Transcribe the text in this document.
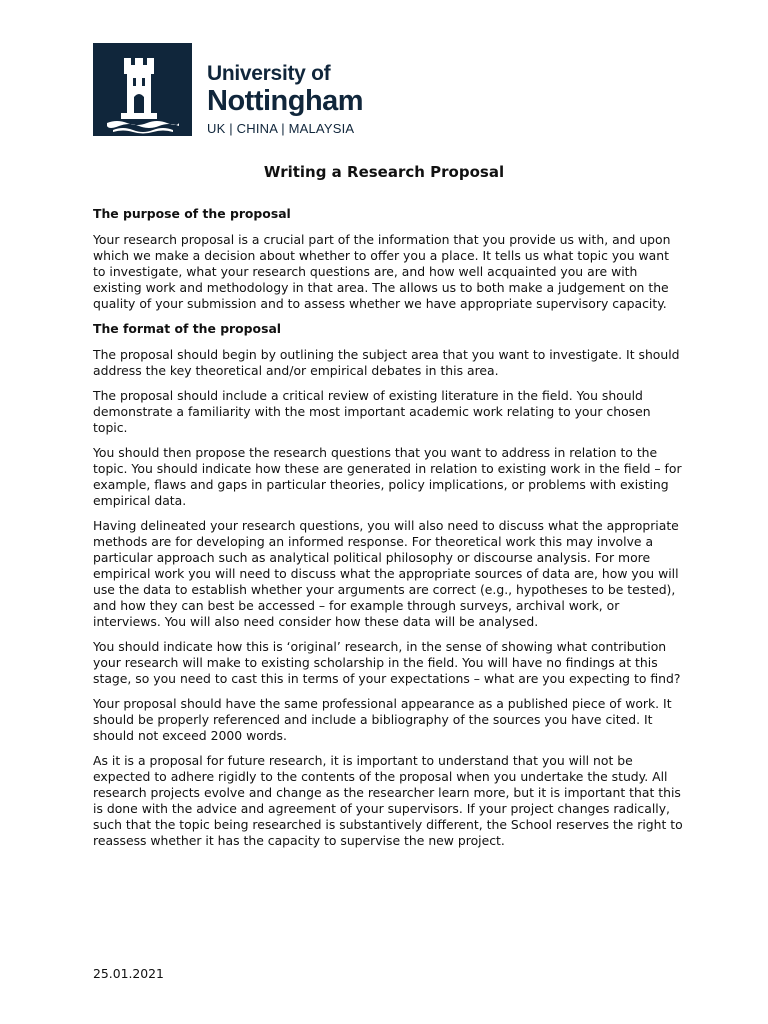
University of
Nottingham
UK | CHINA | MALAYSIA
Writing a Research Proposal
The purpose of the proposal

Your research proposal is a crucial part of the information that you provide us with, and upon which we make a decision about whether to offer you a place. It tells us what topic you want to investigate, what your research questions are, and how well acquainted you are with existing work and methodology in that area. The allows us to both make a judgement on the quality of your submission and to assess whether we have appropriate supervisory capacity.

The format of the proposal

The proposal should begin by outlining the subject area that you want to investigate. It should address the key theoretical and/or empirical debates in this area.

The proposal should include a critical review of existing literature in the field. You should demonstrate a familiarity with the most important academic work relating to your chosen topic.

You should then propose the research questions that you want to address in relation to the topic. You should indicate how these are generated in relation to existing work in the field – for example, flaws and gaps in particular theories, policy implications, or problems with existing empirical data.

Having delineated your research questions, you will also need to discuss what the appropriate methods are for developing an informed response. For theoretical work this may involve a particular approach such as analytical political philosophy or discourse analysis. For more empirical work you will need to discuss what the appropriate sources of data are, how you will use the data to establish whether your arguments are correct (e.g., hypotheses to be tested), and how they can best be accessed – for example through surveys, archival work, or interviews. You will also need consider how these data will be analysed.

You should indicate how this is ‘original’ research, in the sense of showing what contribution your research will make to existing scholarship in the field. You will have no findings at this stage, so you need to cast this in terms of your expectations – what are you expecting to find?

Your proposal should have the same professional appearance as a published piece of work. It should be properly referenced and include a bibliography of the sources you have cited. It should not exceed 2000 words.

As it is a proposal for future research, it is important to understand that you will not be expected to adhere rigidly to the contents of the proposal when you undertake the study. All research projects evolve and change as the researcher learn more, but it is important that this is done with the advice and agreement of your supervisors. If your project changes radically, such that the topic being researched is substantively different, the School reserves the right to reassess whether it has the capacity to supervise the new project.

25.01.2021
